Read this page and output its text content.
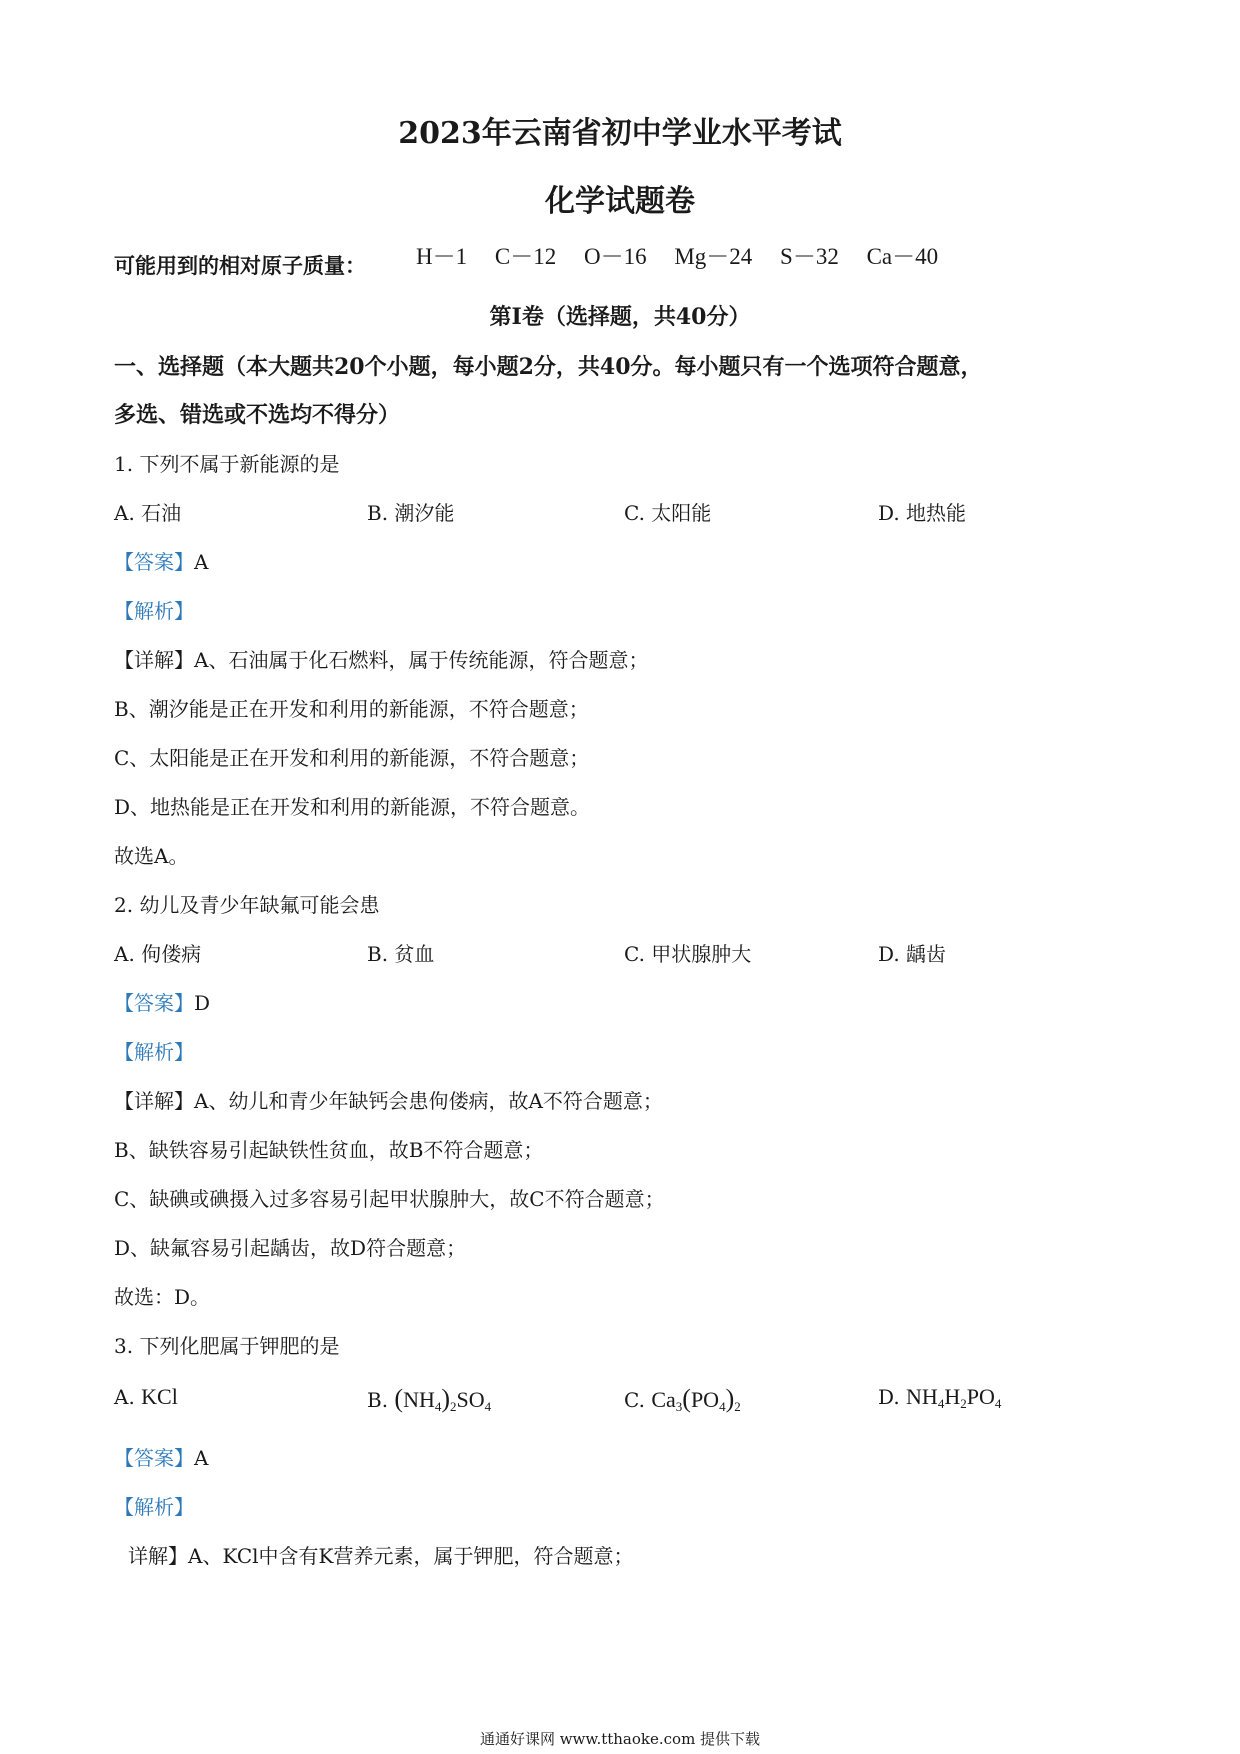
2023年云南省初中学业水平考试
化学试题卷
可能用到的相对原子质量： H－1 C－12 O－16 Mg－24 S－32 Ca－40
第Ⅰ卷（选择题，共40分）
一、选择题（本大题共20个小题，每小题2分，共40分。每小题只有一个选项符合题意，
多选、错选或不选均不得分）
1. 下列不属于新能源的是
A. 石油	B. 潮汐能	C. 太阳能	D. 地热能
【答案】A
【解析】
【详解】A、石油属于化石燃料，属于传统能源，符合题意；
B、潮汐能是正在开发和利用的新能源，不符合题意；
C、太阳能是正在开发和利用的新能源，不符合题意；
D、地热能是正在开发和利用的新能源，不符合题意。
故选A。
2. 幼儿及青少年缺氟可能会患
A. 佝偻病	B. 贫血	C. 甲状腺肿大	D. 龋齿
【答案】D
【解析】
【详解】A、幼儿和青少年缺钙会患佝偻病，故A不符合题意；
B、缺铁容易引起缺铁性贫血，故B不符合题意；
C、缺碘或碘摄入过多容易引起甲状腺肿大，故C不符合题意；
D、缺氟容易引起龋齿，故D符合题意；
故选：D。
3. 下列化肥属于钾肥的是
A. KCl	B. $(NH_4)_2SO_4$	C. $Ca_3(PO_4)_2$	D. $NH_4H_2PO_4$
【答案】A
【解析】
详解】A、KCl中含有K营养元素，属于钾肥，符合题意；
通通好课网 www.tthaoke.com 提供下载
